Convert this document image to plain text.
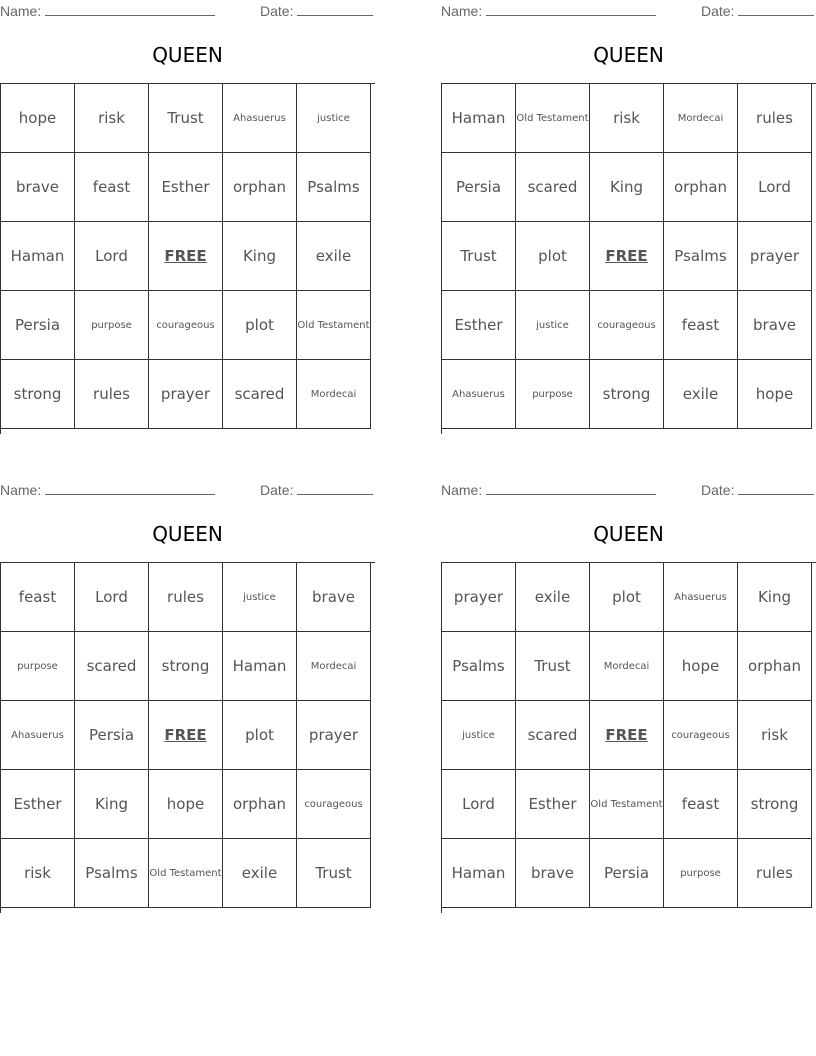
Name:	Date:
QUEEN
hope	risk	Trust	Ahasuerus	justice
brave	feast	Esther	orphan	Psalms
Haman	Lord	FREE	King	exile
Persia	purpose	courageous	plot	Old Testament
strong	rules	prayer	scared	Mordecai
Name:	Date:
QUEEN
Haman	Old Testament	risk	Mordecai	rules
Persia	scared	King	orphan	Lord
Trust	plot	FREE	Psalms	prayer
Esther	justice	courageous	feast	brave
Ahasuerus	purpose	strong	exile	hope
Name:	Date:
QUEEN
feast	Lord	rules	justice	brave
purpose	scared	strong	Haman	Mordecai
Ahasuerus	Persia	FREE	plot	prayer
Esther	King	hope	orphan	courageous
risk	Psalms	Old Testament	exile	Trust
Name:	Date:
QUEEN
prayer	exile	plot	Ahasuerus	King
Psalms	Trust	Mordecai	hope	orphan
justice	scared	FREE	courageous	risk
Lord	Esther	Old Testament	feast	strong
Haman	brave	Persia	purpose	rules
